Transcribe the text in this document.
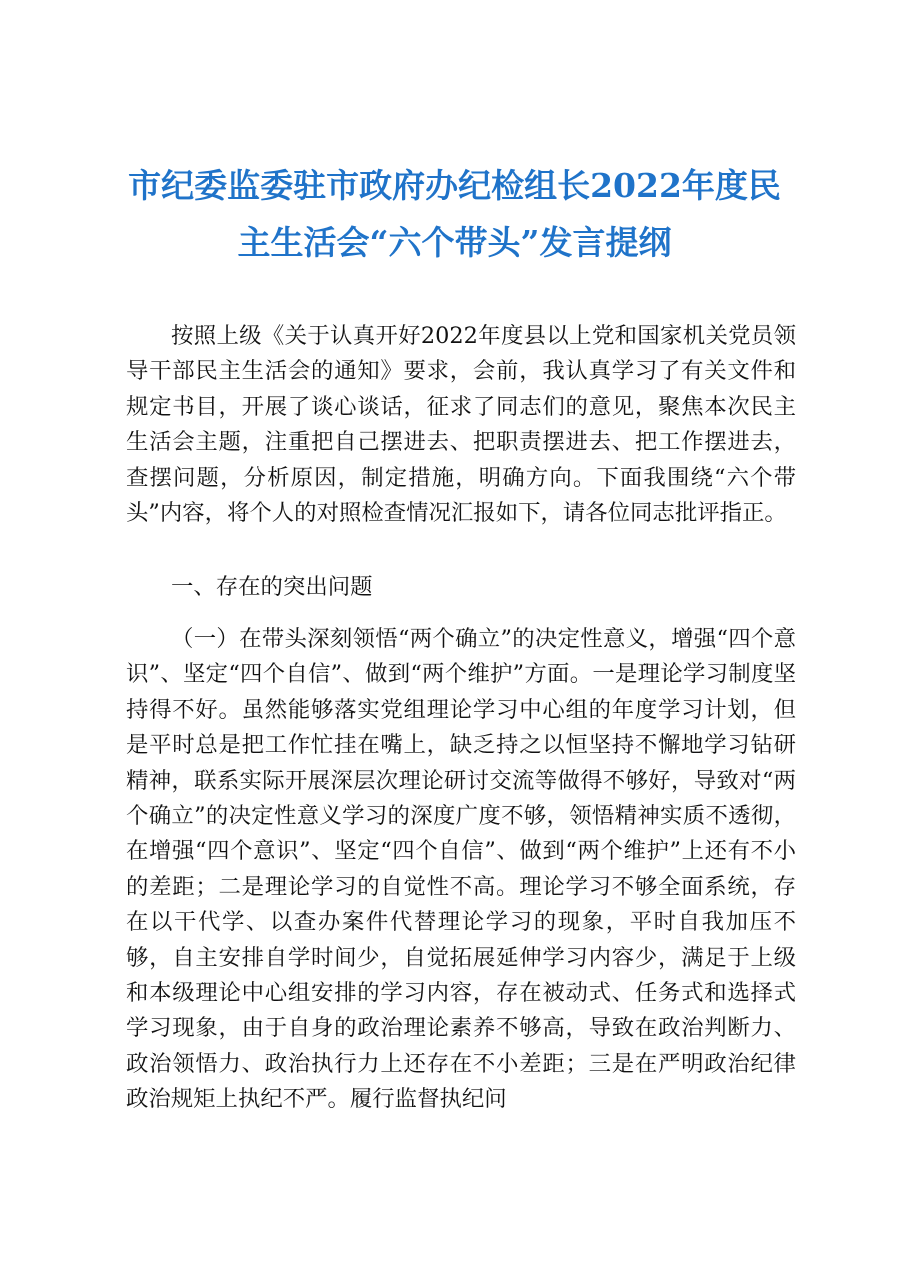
市纪委监委驻市政府办纪检组长2022年度民
主生活会“六个带头”发言提纲

按照上级《关于认真开好2022年度县以上党和国家机关党员领导干部民主生活会的通知》要求，会前，我认真学习了有关文件和规定书目，开展了谈心谈话，征求了同志们的意见，聚焦本次民主生活会主题，注重把自己摆进去、把职责摆进去、把工作摆进去，查摆问题，分析原因，制定措施，明确方向。下面我围绕“六个带头”内容，将个人的对照检查情况汇报如下，请各位同志批评指正。

一、存在的突出问题

（一）在带头深刻领悟“两个确立”的决定性意义，增强“四个意识”、坚定“四个自信”、做到“两个维护”方面。一是理论学习制度坚持得不好。虽然能够落实党组理论学习中心组的年度学习计划，但是平时总是把工作忙挂在嘴上，缺乏持之以恒坚持不懈地学习钻研精神，联系实际开展深层次理论研讨交流等做得不够好，导致对“两个确立”的决定性意义学习的深度广度不够，领悟精神实质不透彻，在增强“四个意识”、坚定“四个自信”、做到“两个维护”上还有不小的差距；二是理论学习的自觉性不高。理论学习不够全面系统，存在以干代学、以查办案件代替理论学习的现象，平时自我加压不够，自主安排自学时间少，自觉拓展延伸学习内容少，满足于上级和本级理论中心组安排的学习内容，存在被动式、任务式和选择式学习现象，由于自身的政治理论素养不够高，导致在政治判断力、政治领悟力、政治执行力上还存在不小差距；三是在严明政治纪律政治规矩上执纪不严。履行监督执纪问
